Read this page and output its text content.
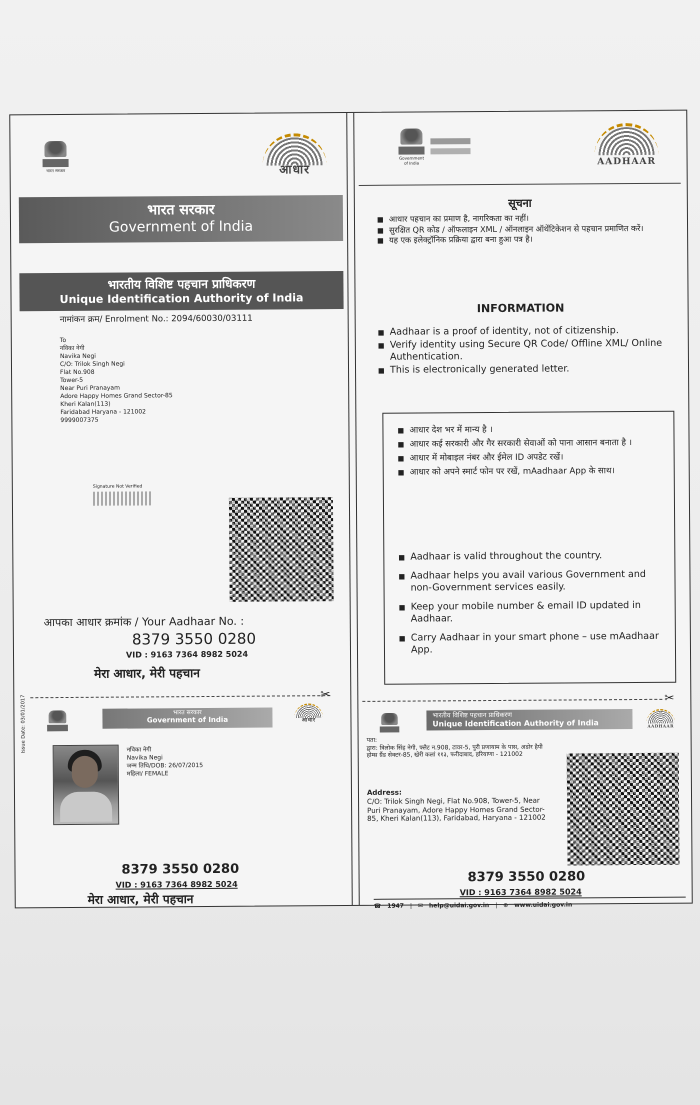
भारत सरकार	आधार
भारत सरकार
Government of India
भारतीय विशिष्ट पहचान प्राधिकरण
Unique Identification Authority of India
नामांकन क्रम/ Enrolment No.: 2094/60030/03111
To
नविका नेगी
Navika Negi
C/O: Trilok Singh Negi
Flat No.908
Tower-5
Near Puri Pranayam
Adore Happy Homes Grand Sector-85
Kheri Kalan(113)
Faridabad Haryana - 121002
9999007375
Signature Not Verified
आपका आधार क्रमांक / Your Aadhaar No. :
8379 3550 0280
VID : 9163 7364 8982 5024
मेरा आधार, मेरी पहचान
✂
भारत सरकार
Government of India	आधार
Issue Date: 03/01/2017	नविका नेगी
Navika Negi
जन्म तिथि/DOB: 26/07/2015
महिला/ FEMALE
8379 3550 0280
VID : 9163 7364 8982 5024
मेरा आधार, मेरी पहचान
Government of India	AADHAAR
सूचना
■ आधार पहचान का प्रमाण है, नागरिकता का नहीं।
■ सुरक्षित QR कोड / ऑफलाइन XML / ऑनलाइन ऑथेंटिकेशन से पहचान प्रमाणित करें।
■ यह एक इलेक्ट्रॉनिक प्रक्रिया द्वारा बना हुआ पत्र है।
INFORMATION
■ Aadhaar is a proof of identity, not of citizenship.
■ Verify identity using Secure QR Code/ Offline XML/ Online Authentication.
■ This is electronically generated letter.
■ आधार देश भर में मान्य है ।
■ आधार कई सरकारी और गैर सरकारी सेवाओं को पाना आसान बनाता है ।
■ आधार में मोबाइल नंबर और ईमेल ID अपडेट रखें।
■ आधार को अपने स्मार्ट फोन पर रखें, mAadhaar App के साथ।
■ Aadhaar is valid throughout the country.
■ Aadhaar helps you avail various Government and non-Government services easily.
■ Keep your mobile number & email ID updated in Aadhaar.
■ Carry Aadhaar in your smart phone – use mAadhaar App.
✂
भारतीय विशिष्ट पहचान प्राधिकरण
Unique Identification Authority of India	AADHAAR
पता:
द्वारा: त्रिलोक सिंह नेगी, फ्लैट न.908, टावर-5, पुरी प्रणायाम के पास, अडोर हैपी होम्स ग्रैंड सेक्टर-85, खेरी कलां ११३, फरीदाबाद, हरियाणा - 121002
Address:
C/O: Trilok Singh Negi, Flat No.908, Tower-5, Near Puri Pranayam, Adore Happy Homes Grand Sector-85, Kheri Kalan(113), Faridabad, Haryana - 121002
8379 3550 0280
VID : 9163 7364 8982 5024
☎ 1947 | ✉ help@uidai.gov.in | ⊕ www.uidai.gov.in
